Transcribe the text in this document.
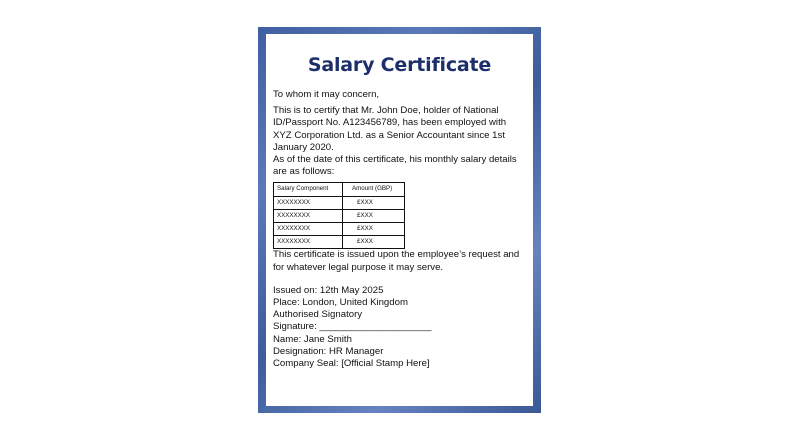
Salary Certificate

To whom it may concern,

This is to certify that Mr. John Doe, holder of National ID/Passport No. A123456789, has been employed with XYZ Corporation Ltd. as a Senior Accountant since 1st January 2020.

As of the date of this certificate, his monthly salary details are as follows:

Salary Component	Amount (GBP)
XXXXXXXX	£XXX
XXXXXXXX	£XXX
XXXXXXXX	£XXX
XXXXXXXX	£XXX

This certificate is issued upon the employee’s request and for whatever legal purpose it may serve.

Issued on: 12th May 2025

Place: London, United Kingdom

Authorised Signatory

Signature: _____________________

Name: Jane Smith

Designation: HR Manager

Company Seal: [Official Stamp Here]
